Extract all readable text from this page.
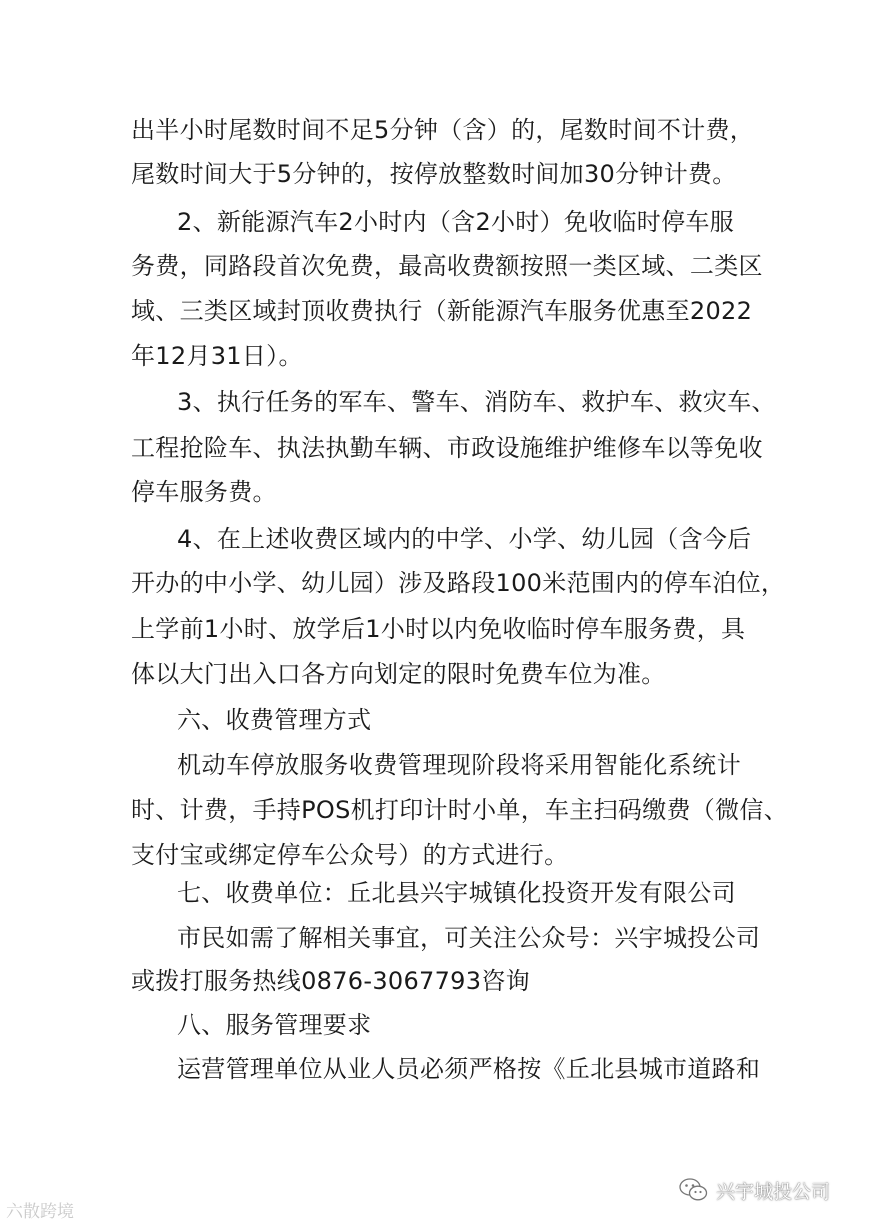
出半小时尾数时间不足5分钟（含）的，尾数时间不计费，
尾数时间大于5分钟的，按停放整数时间加30分钟计费。
2、新能源汽车2小时内（含2小时）免收临时停车服
务费，同路段首次免费，最高收费额按照一类区域、二类区
域、三类区域封顶收费执行（新能源汽车服务优惠至2022
年12月31日）。
3、执行任务的军车、警车、消防车、救护车、救灾车、
工程抢险车、执法执勤车辆、市政设施维护维修车以等免收
停车服务费。
4、在上述收费区域内的中学、小学、幼儿园（含今后
开办的中小学、幼儿园）涉及路段100米范围内的停车泊位，
上学前1小时、放学后1小时以内免收临时停车服务费，具
体以大门出入口各方向划定的限时免费车位为准。
六、收费管理方式
机动车停放服务收费管理现阶段将采用智能化系统计
时、计费，手持POS机打印计时小单，车主扫码缴费（微信、
支付宝或绑定停车公众号）的方式进行。
七、收费单位：丘北县兴宇城镇化投资开发有限公司
市民如需了解相关事宜，可关注公众号：兴宇城投公司
或拨打服务热线0876-3067793咨询
八、服务管理要求
运营管理单位从业人员必须严格按《丘北县城市道路和
六散跨境
兴宇城投公司
